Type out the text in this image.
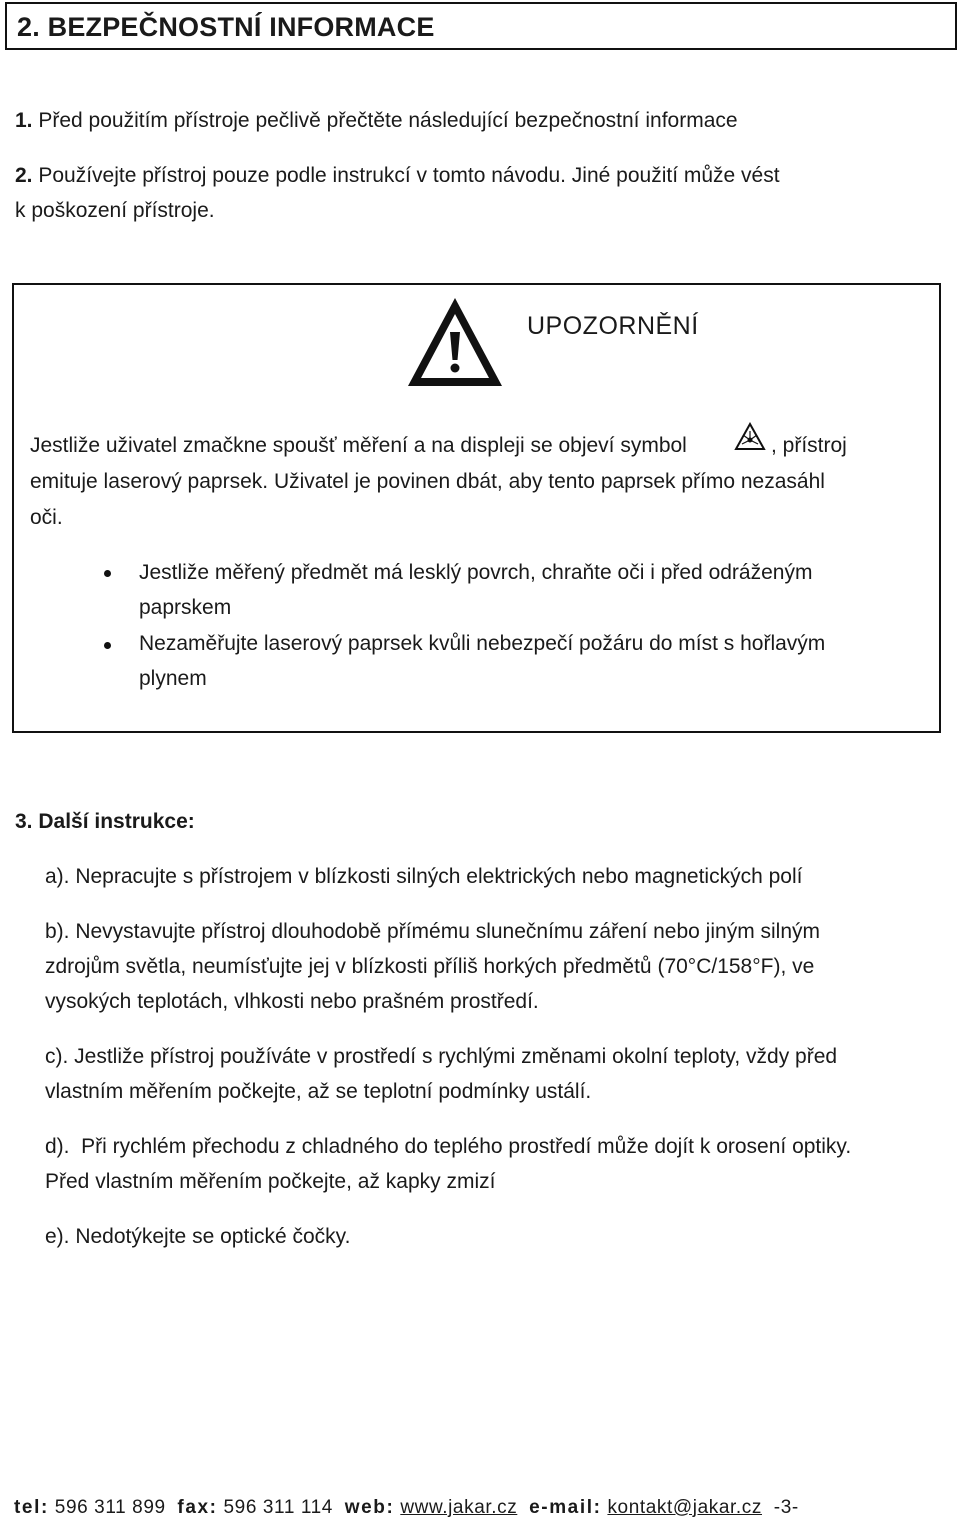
2. BEZPEČNOSTNÍ INFORMACE
1. Před použitím přístroje pečlivě přečtěte následující bezpečnostní informace
2. Používejte přístroj pouze podle instrukcí v tomto návodu. Jiné použití může vést
k poškození přístroje.
UPOZORNĚNÍ
Jestliže uživatel zmačkne spoušť měření a na displeji se objeví symbol	, přístroj
emituje laserový paprsek. Uživatel je povinen dbát, aby tento paprsek přímo nezasáhl
oči.
Jestliže měřený předmět má lesklý povrch, chraňte oči i před odráženým
paprskem
Nezaměřujte laserový paprsek kvůli nebezpečí požáru do míst s hořlavým
plynem
3. Další instrukce:
a). Nepracujte s přístrojem v blízkosti silných elektrických nebo magnetických polí
b). Nevystavujte přístroj dlouhodobě přímému slunečnímu záření nebo jiným silným
zdrojům světla, neumísťujte jej v blízkosti příliš horkých předmětů (70°C/158°F), ve
vysokých teplotách, vlhkosti nebo prašném prostředí.
c). Jestliže přístroj používáte v prostředí s rychlými změnami okolní teploty, vždy před
vlastním měřením počkejte, až se teplotní podmínky ustálí.
d).  Při rychlém přechodu z chladného do teplého prostředí může dojít k orosení optiky.
Před vlastním měřením počkejte, až kapky zmizí
e). Nedotýkejte se optické čočky.
tel: 596 311 899 fax: 596 311 114 web: www.jakar.cz e-mail: kontakt@jakar.cz -3-
